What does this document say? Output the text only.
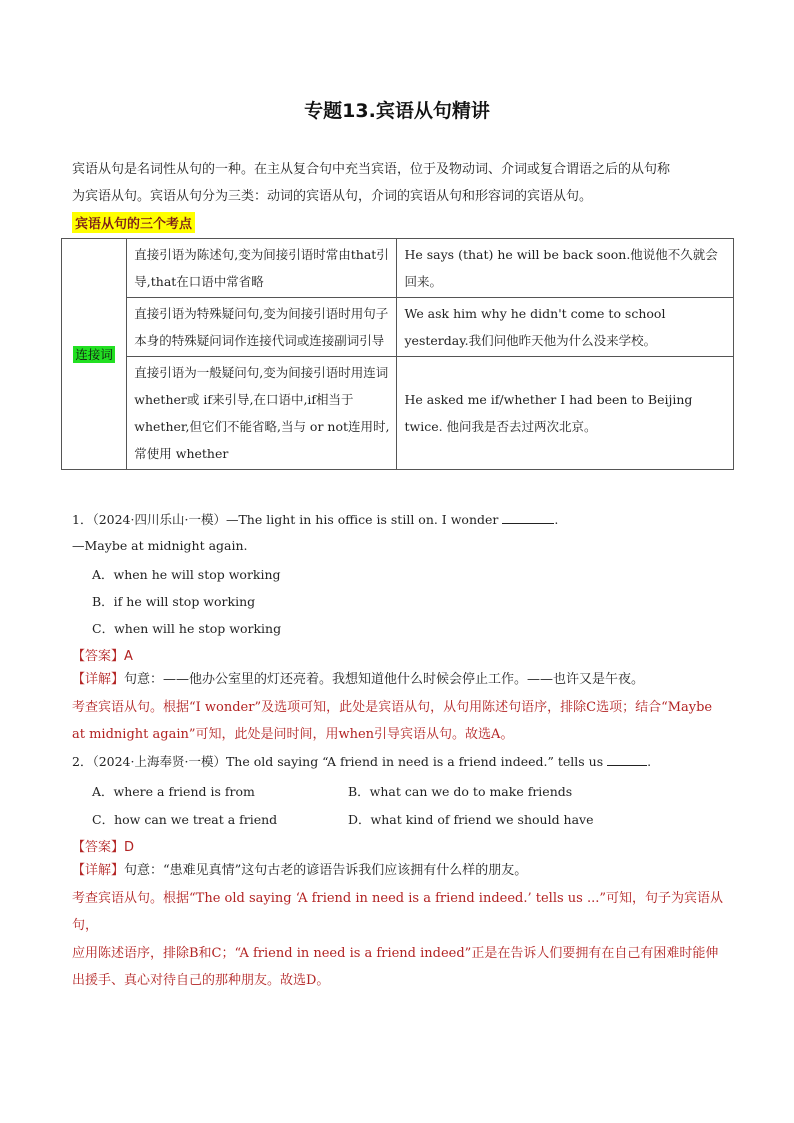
专题13.宾语从句精讲
宾语从句是名词性从句的一种。在主从复合句中充当宾语，位于及物动词、介词或复合谓语之后的从句称
为宾语从句。宾语从句分为三类：动词的宾语从句，介词的宾语从句和形容词的宾语从句。
宾语从句的三个考点
连接词	直接引语为陈述句,变为间接引语时常由that引导,that在口语中常省略	He says (that) he will be back soon.他说他不久就会回来。
	直接引语为特殊疑问句,变为间接引语时用句子本身的特殊疑问词作连接代词或连接副词引导	We ask him why he didn't come to school yesterday.我们问他昨天他为什么没来学校。
	直接引语为一般疑问句,变为间接引语时用连词 whether或 if来引导,在口语中,if相当于 whether,但它们不能省略,当与 or not连用时,常使用 whether	He asked me if/whether I had been to Beijing twice. 他问我是否去过两次北京。
1．（2024·四川乐山·一模）—The light in his office is still on. I wonder	.
—Maybe at midnight again.
A．when he will stop working
B．if he will stop working
C．when will he stop working
【答案】A
【详解】句意：——他办公室里的灯还亮着。我想知道他什么时候会停止工作。——也许又是午夜。
考查宾语从句。根据“I wonder”及选项可知，此处是宾语从句，从句用陈述句语序，排除C选项；结合“Maybe
at midnight again”可知，此处是问时间，用when引导宾语从句。故选A。
2．（2024·上海奉贤·一模）The old saying “A friend in need is a friend indeed.” tells us	.
A．where a friend is from	B．what can we do to make friends
C．how can we treat a friend	D．what kind of friend we should have
【答案】D
【详解】句意：“患难见真情”这句古老的谚语告诉我们应该拥有什么样的朋友。
考查宾语从句。根据“The old saying ‘A friend in need is a friend indeed.’ tells us ...”可知，句子为宾语从句，
应用陈述语序，排除B和C；“A friend in need is a friend indeed”正是在告诉人们要拥有在自己有困难时能伸
出援手、真心对待自己的那种朋友。故选D。
